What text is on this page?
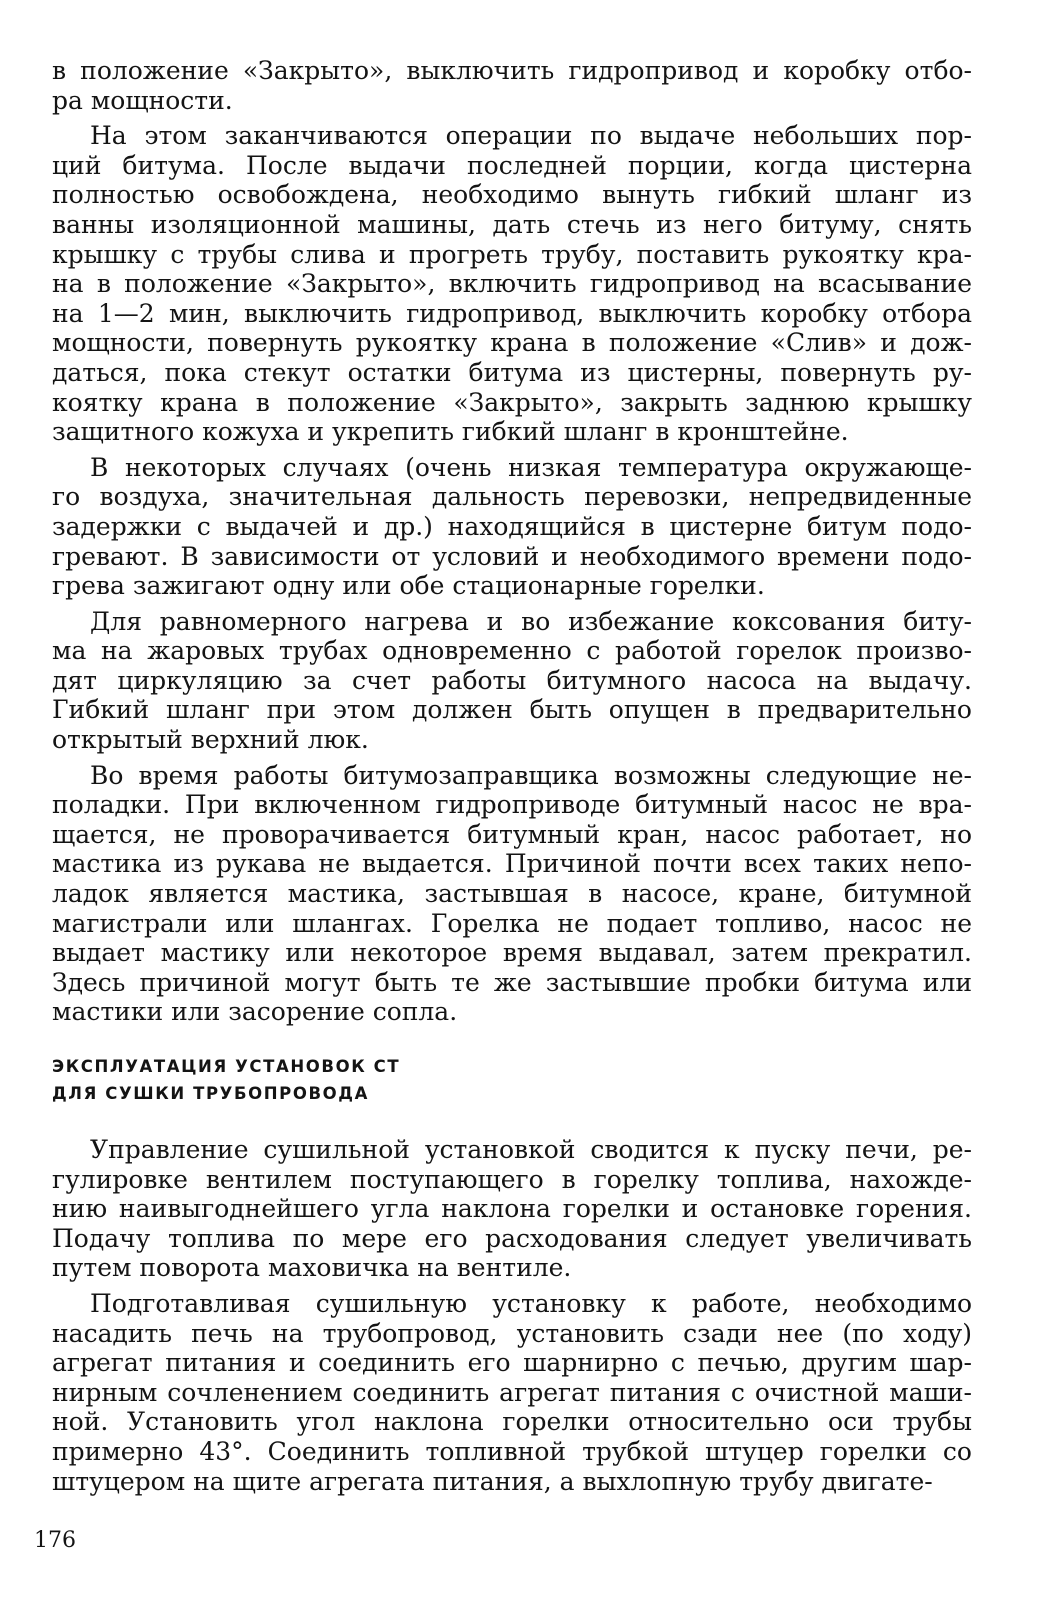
в положение «Закрыто», выключить гидропривод и коробку отбо-
ра мощности.
На этом заканчиваются операции по выдаче небольших пор-
ций битума. После выдачи последней порции, когда цистерна
полностью освобождена, необходимо вынуть гибкий шланг из
ванны изоляционной машины, дать стечь из него битуму, снять
крышку с трубы слива и прогреть трубу, поставить рукоятку кра-
на в положение «Закрыто», включить гидропривод на всасывание
на 1—2 мин, выключить гидропривод, выключить коробку отбора
мощности, повернуть рукоятку крана в положение «Слив» и дож-
даться, пока стекут остатки битума из цистерны, повернуть ру-
коятку крана в положение «Закрыто», закрыть заднюю крышку
защитного кожуха и укрепить гибкий шланг в кронштейне.
В некоторых случаях (очень низкая температура окружающе-
го воздуха, значительная дальность перевозки, непредвиденные
задержки с выдачей и др.) находящийся в цистерне битум подо-
гревают. В зависимости от условий и необходимого времени подо-
грева зажигают одну или обе стационарные горелки.
Для равномерного нагрева и во избежание коксования биту-
ма на жаровых трубах одновременно с работой горелок произво-
дят циркуляцию за счет работы битумного насоса на выдачу.
Гибкий шланг при этом должен быть опущен в предварительно
открытый верхний люк.
Во время работы битумозаправщика возможны следующие не-
поладки. При включенном гидроприводе битумный насос не вра-
щается, не проворачивается битумный кран, насос работает, но
мастика из рукава не выдается. Причиной почти всех таких непо-
ладок является мастика, застывшая в насосе, кране, битумной
магистрали или шлангах. Горелка не подает топливо, насос не
выдает мастику или некоторое время выдавал, затем прекратил.
Здесь причиной могут быть те же застывшие пробки битума или
мастики или засорение сопла.

ЭКСПЛУАТАЦИЯ УСТАНОВОК СТ

ДЛЯ СУШКИ ТРУБОПРОВОДА

Управление сушильной установкой сводится к пуску печи, ре-
гулировке вентилем поступающего в горелку топлива, нахожде-
нию наивыгоднейшего угла наклона горелки и остановке горения.
Подачу топлива по мере его расходования следует увеличивать
путем поворота маховичка на вентиле.
Подготавливая сушильную установку к работе, необходимо
насадить печь на трубопровод, установить сзади нее (по ходу)
агрегат питания и соединить его шарнирно с печью, другим шар-
нирным сочленением соединить агрегат питания с очистной маши-
ной. Установить угол наклона горелки относительно оси трубы
примерно 43°. Соединить топливной трубкой штуцер горелки со
штуцером на щите агрегата питания, а выхлопную трубу двигате-
176
